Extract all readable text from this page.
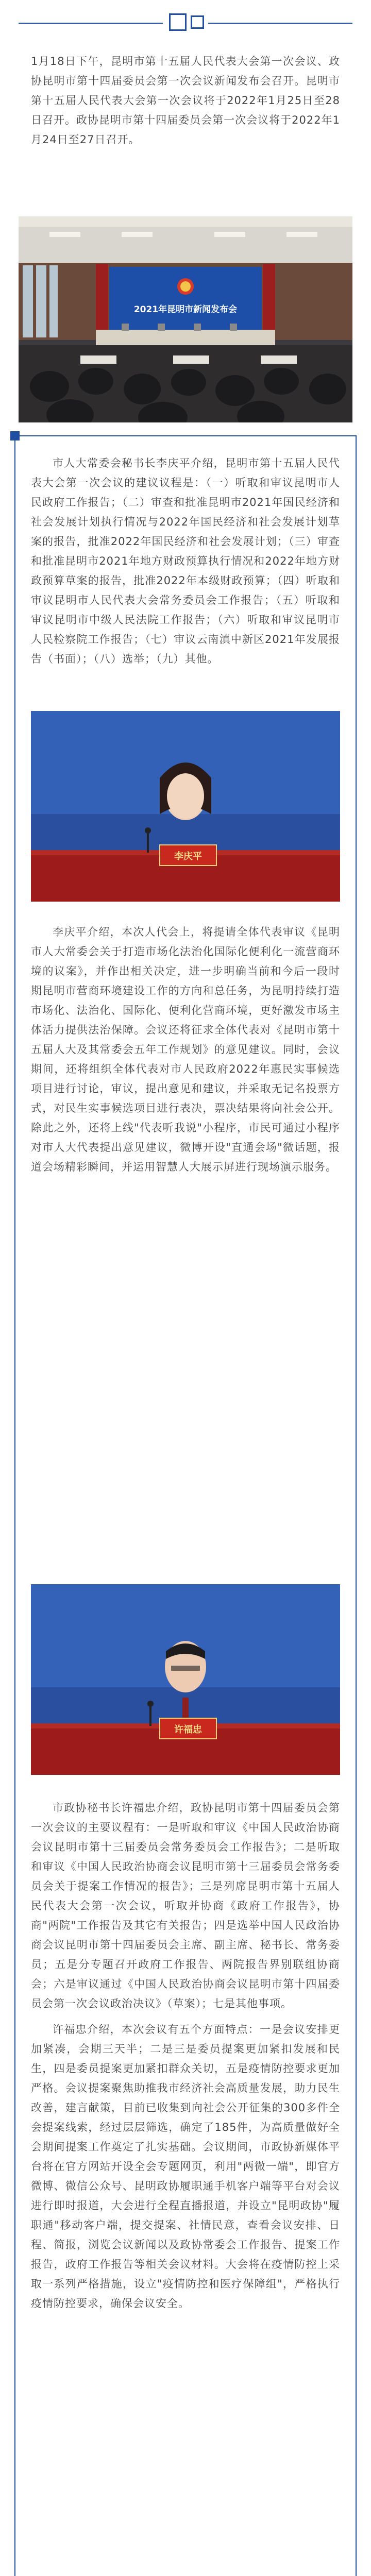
1月18日下午，昆明市第十五届人民代表大会第一次会议、政协昆明市第十四届委员会第一次会议新闻发布会召开。昆明市第十五届人民代表大会第一次会议将于2022年1月25日至28日召开。政协昆明市第十四届委员会第一次会议将于2022年1月24日至27日召开。

2021年昆明市新闻发布会

市人大常委会秘书长李庆平介绍，昆明市第十五届人民代表大会第一次会议的建议议程是：（一）听取和审议昆明市人民政府工作报告；（二）审查和批准昆明市2021年国民经济和社会发展计划执行情况与2022年国民经济和社会发展计划草案的报告，批准2022年国民经济和社会发展计划；（三）审查和批准昆明市2021年地方财政预算执行情况和2022年地方财政预算草案的报告，批准2022年本级财政预算；（四）听取和审议昆明市人民代表大会常务委员会工作报告；（五）听取和审议昆明市中级人民法院工作报告；（六）听取和审议昆明市人民检察院工作报告；（七）审议云南滇中新区2021年发展报告（书面）；（八）选举；（九）其他。

李庆平

李庆平介绍，本次人代会上，将提请全体代表审议《昆明市人大常委会关于打造市场化法治化国际化便利化一流营商环境的议案》，并作出相关决定，进一步明确当前和今后一段时期昆明市营商环境建设工作的方向和总任务，为昆明持续打造市场化、法治化、国际化、便利化营商环境，更好激发市场主体活力提供法治保障。会议还将征求全体代表对《昆明市第十五届人大及其常委会五年工作规划》的意见建议。同时，会议期间，还将组织全体代表对市人民政府2022年惠民实事候选项目进行讨论，审议，提出意见和建议，并采取无记名投票方式，对民生实事候选项目进行表决，票决结果将向社会公开。除此之外，还将上线"代表听我说"小程序，市民可通过小程序对市人大代表提出意见建议，微博开设"直通会场"微话题，报道会场精彩瞬间，并运用智慧人大展示屏进行现场演示服务。

许福忠

市政协秘书长许福忠介绍，政协昆明市第十四届委员会第一次会议的主要议程有：一是听取和审议《中国人民政治协商会议昆明市第十三届委员会常务委员会工作报告》；二是听取和审议《中国人民政治协商会议昆明市第十三届委员会常务委员会关于提案工作情况的报告》；三是列席昆明市第十五届人民代表大会第一次会议，听取并协商《政府工作报告》，协商"两院"工作报告及其它有关报告；四是选举中国人民政治协商会议昆明市第十四届委员会主席、副主席、秘书长、常务委员；五是分专题召开政府工作报告、两院报告界别联组协商会；六是审议通过《中国人民政治协商会议昆明市第十四届委员会第一次会议政治决议》（草案）；七是其他事项。

许福忠介绍，本次会议有五个方面特点：一是会议安排更加紧凑，会期三天半；二是三是委员提案更加紧扣发展和民生，四是委员提案更加紧扣群众关切，五是疫情防控要求更加严格。会议提案聚焦助推我市经济社会高质量发展，助力民生改善，建言献策，目前已收集到向社会公开征集的300多件全会提案线索，经过层层筛选，确定了185件，为高质量做好全会期间提案工作奠定了扎实基础。会议期间，市政协新媒体平台将在官方网站开设全会专题网页，利用"两微一端"，即官方微博、微信公众号、昆明政协履职通手机客户端等平台对会议进行即时报道，大会进行全程直播报道，并设立"昆明政协"履职通"移动客户端，提交提案、社情民意，查看会议安排、日程、简报，浏览会议新闻以及政协常委会工作报告、提案工作报告，政府工作报告等相关会议材料。大会将在疫情防控上采取一系列严格措施，设立"疫情防控和医疗保障组"，严格执行疫情防控要求，确保会议安全。
